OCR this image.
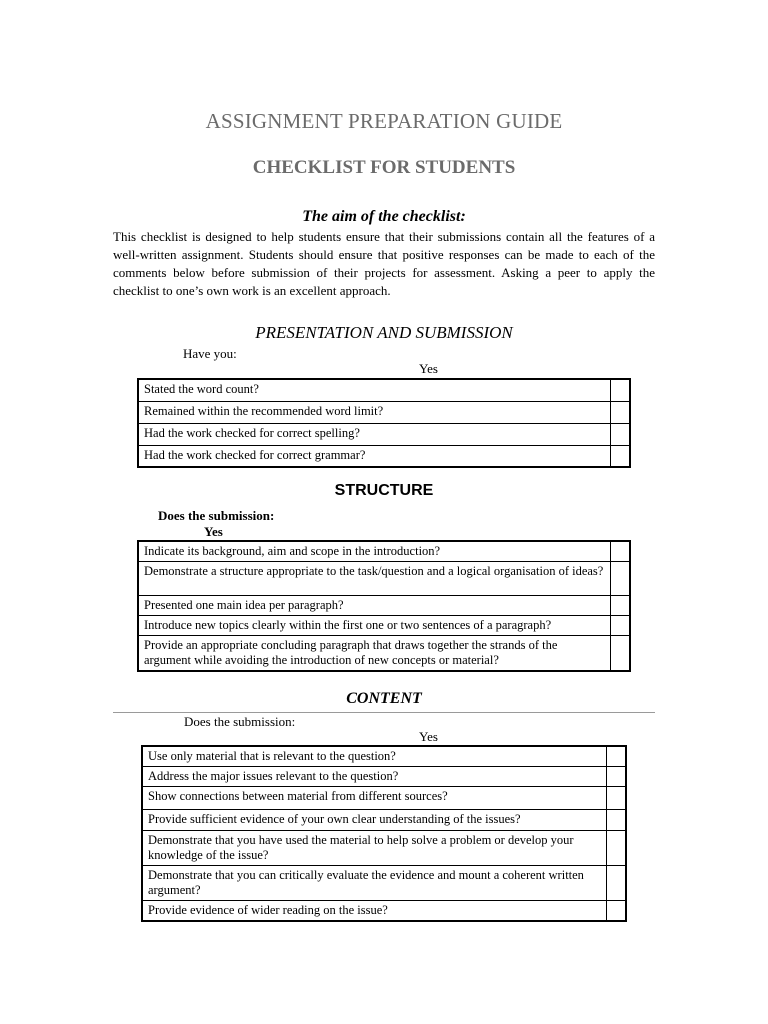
ASSIGNMENT PREPARATION GUIDE
CHECKLIST FOR STUDENTS
The aim of the checklist:
This checklist is designed to help students ensure that their submissions contain all the features of a well-written assignment. Students should ensure that positive responses can be made to each of the comments below before submission of their projects for assessment. Asking a peer to apply the checklist to one’s own work is an excellent approach.
PRESENTATION AND SUBMISSION
Have you:
Yes
Stated the word count?	
Remained within the recommended word limit?	
Had the work checked for correct spelling?	
Had the work checked for correct grammar?	
STRUCTURE
Does the submission:
Yes
Indicate its background, aim and scope in the introduction?	
Demonstrate a structure appropriate to the task/question and a logical organisation of ideas?	
Presented one main idea per paragraph?	
Introduce new topics clearly within the first one or two sentences of a paragraph?	
Provide an appropriate concluding paragraph that draws together the strands of the argument while avoiding the introduction of new concepts or material?	
CONTENT
Does the submission:
Yes
Use only material that is relevant to the question?	
Address the major issues relevant to the question?	
Show connections between material from different sources?	
Provide sufficient evidence of your own clear understanding of the issues?	
Demonstrate that you have used the material to help solve a problem or develop your knowledge of the issue?	
Demonstrate that you can critically evaluate the evidence and mount a coherent written argument?	
Provide evidence of wider reading on the issue?	
